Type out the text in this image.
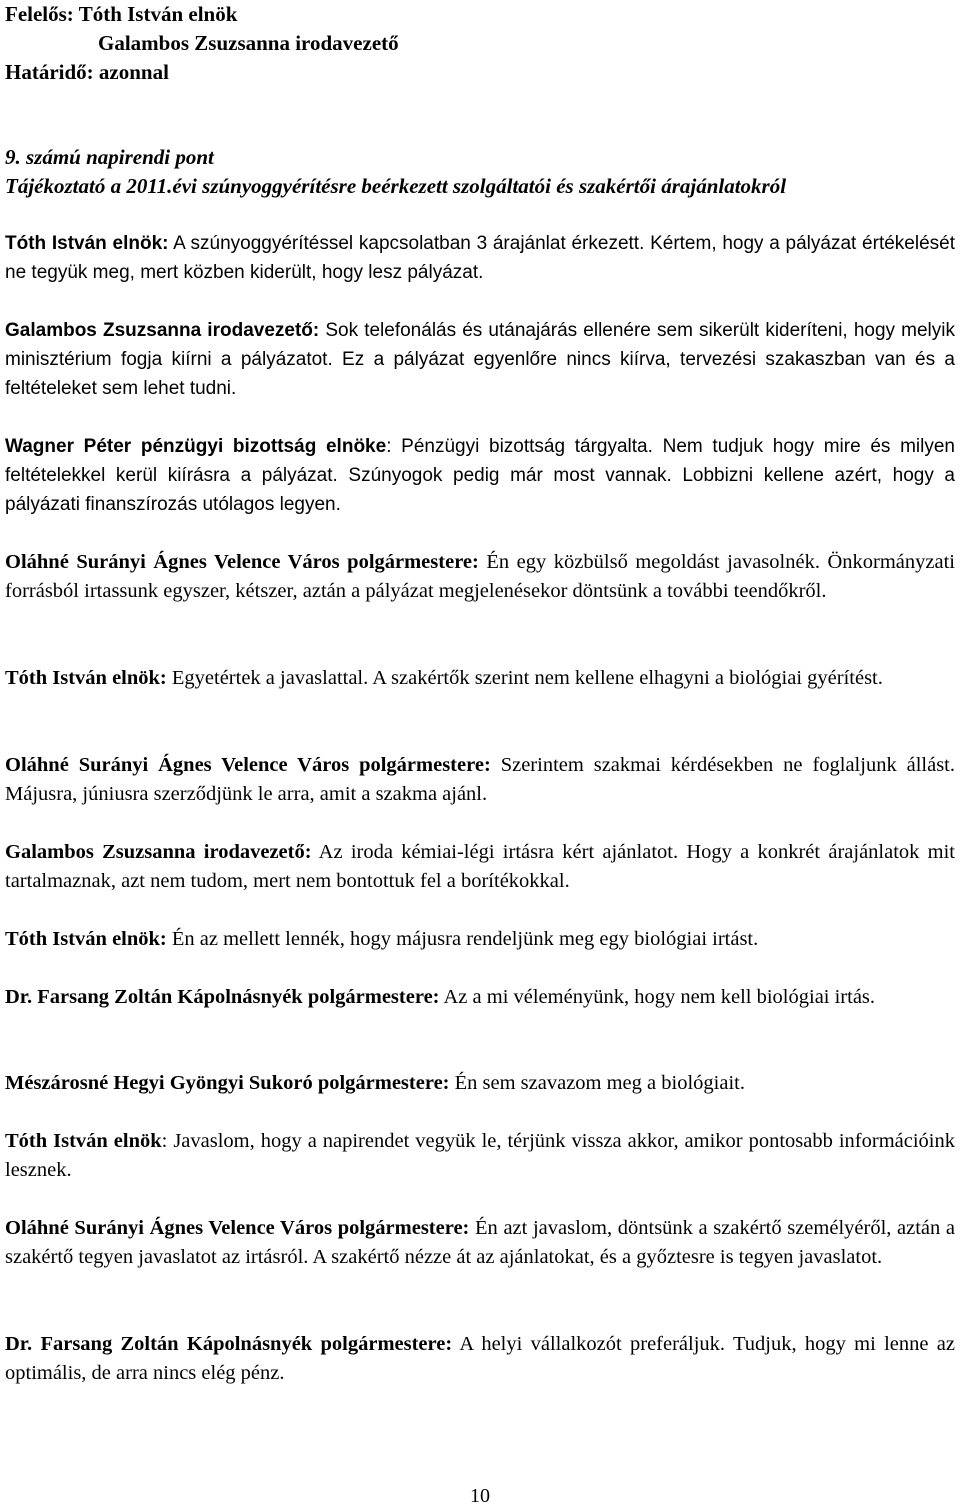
Felelős: Tóth István elnök
Galambos Zsuzsanna irodavezető
Határidő: azonnal
9. számú napirendi pont
Tájékoztató a 2011.évi szúnyoggyérítésre beérkezett szolgáltatói és szakértői árajánlatokról
Tóth István elnök: A szúnyoggyérítéssel kapcsolatban 3 árajánlat érkezett. Kértem, hogy a pályázat értékelését ne tegyük meg, mert közben kiderült, hogy lesz pályázat.
Galambos Zsuzsanna irodavezető: Sok telefonálás és utánajárás ellenére sem sikerült kideríteni, hogy melyik minisztérium fogja kiírni a pályázatot. Ez a pályázat egyenlőre nincs kiírva, tervezési szakaszban van és a feltételeket sem lehet tudni.
Wagner Péter pénzügyi bizottság elnöke: Pénzügyi bizottság tárgyalta. Nem tudjuk hogy mire és milyen feltételekkel kerül kiírásra a pályázat. Szúnyogok pedig már most vannak. Lobbizni kellene azért, hogy a pályázati finanszírozás utólagos legyen.
Oláhné Surányi Ágnes Velence Város polgármestere: Én egy közbülső megoldást javasolnék. Önkormányzati forrásból irtassunk egyszer, kétszer, aztán a pályázat megjelenésekor döntsünk a további teendőkről.
Tóth István elnök: Egyetértek a javaslattal. A szakértők szerint nem kellene elhagyni a biológiai gyérítést.
Oláhné Surányi Ágnes Velence Város polgármestere: Szerintem szakmai kérdésekben ne foglaljunk állást. Májusra, júniusra szerződjünk le arra, amit a szakma ajánl.
Galambos Zsuzsanna irodavezető: Az iroda kémiai-légi irtásra kért ajánlatot. Hogy a konkrét árajánlatok mit tartalmaznak, azt nem tudom, mert nem bontottuk fel a borítékokkal.
Tóth István elnök: Én az mellett lennék, hogy májusra rendeljünk meg egy biológiai irtást.
Dr. Farsang Zoltán Kápolnásnyék polgármestere: Az a mi véleményünk, hogy nem kell biológiai irtás.
Mészárosné Hegyi Gyöngyi Sukoró polgármestere: Én sem szavazom meg a biológiait.
Tóth István elnök: Javaslom, hogy a napirendet vegyük le, térjünk vissza akkor, amikor pontosabb információink lesznek.
Oláhné Surányi Ágnes Velence Város polgármestere: Én azt javaslom, döntsünk a szakértő személyéről, aztán a szakértő tegyen javaslatot az irtásról. A szakértő nézze át az ajánlatokat, és a győztesre is tegyen javaslatot.
Dr. Farsang Zoltán Kápolnásnyék polgármestere: A helyi vállalkozót preferáljuk. Tudjuk, hogy mi lenne az optimális, de arra nincs elég pénz.
10
